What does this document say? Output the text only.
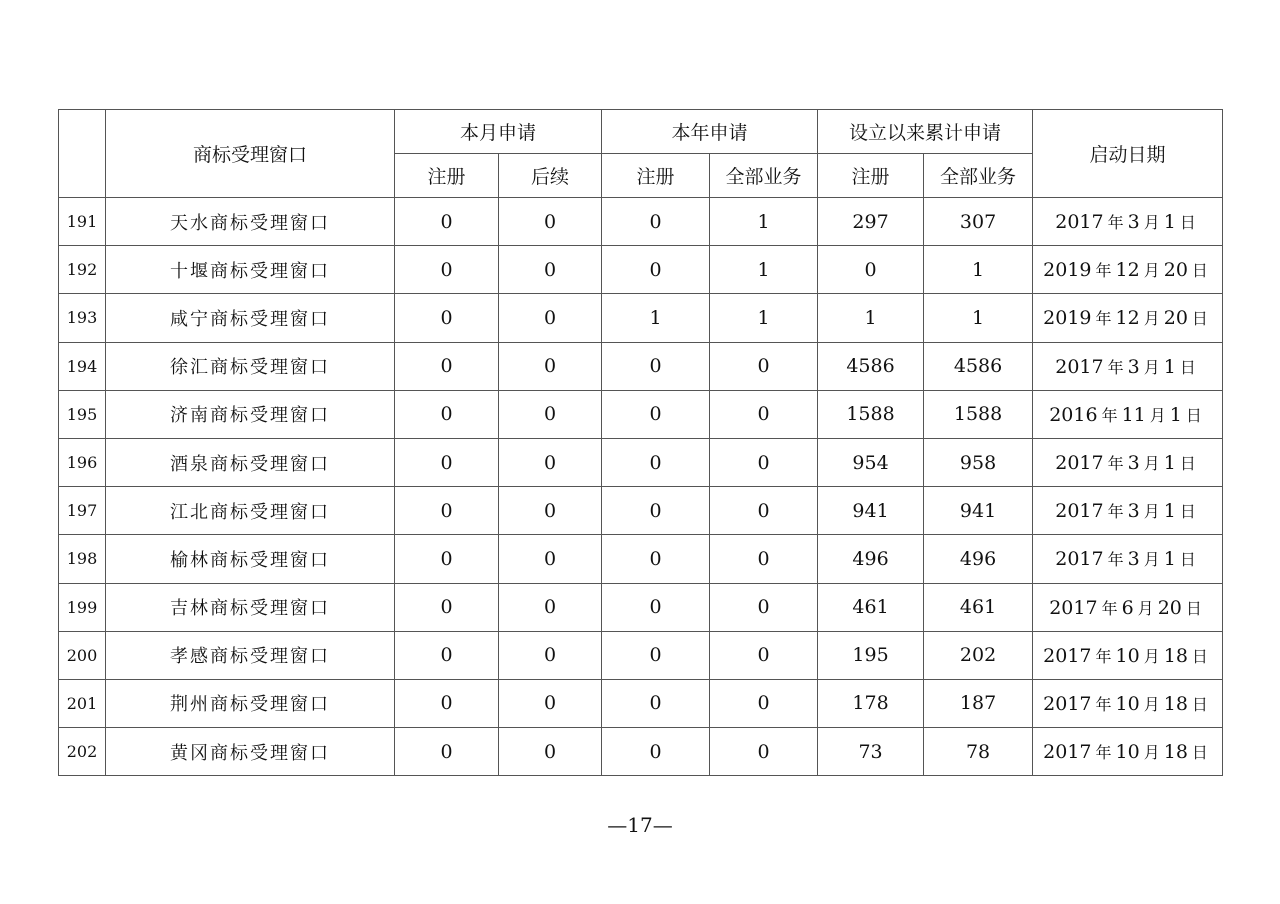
	商标受理窗口	本月申请		本年申请		设立以来累计申请		启动日期
		注册	后续	注册	全部业务	注册	全部业务	
191	天水商标受理窗口	0	0	0	1	297	307	2017 年 3 月 1 日
192	十堰商标受理窗口	0	0	0	1	0	1	2019 年 12 月 20 日
193	咸宁商标受理窗口	0	0	1	1	1	1	2019 年 12 月 20 日
194	徐汇商标受理窗口	0	0	0	0	4586	4586	2017 年 3 月 1 日
195	济南商标受理窗口	0	0	0	0	1588	1588	2016 年 11 月 1 日
196	酒泉商标受理窗口	0	0	0	0	954	958	2017 年 3 月 1 日
197	江北商标受理窗口	0	0	0	0	941	941	2017 年 3 月 1 日
198	榆林商标受理窗口	0	0	0	0	496	496	2017 年 3 月 1 日
199	吉林商标受理窗口	0	0	0	0	461	461	2017 年 6 月 20 日
200	孝感商标受理窗口	0	0	0	0	195	202	2017 年 10 月 18 日
201	荆州商标受理窗口	0	0	0	0	178	187	2017 年 10 月 18 日
202	黄冈商标受理窗口	0	0	0	0	73	78	2017 年 10 月 18 日
—17—
